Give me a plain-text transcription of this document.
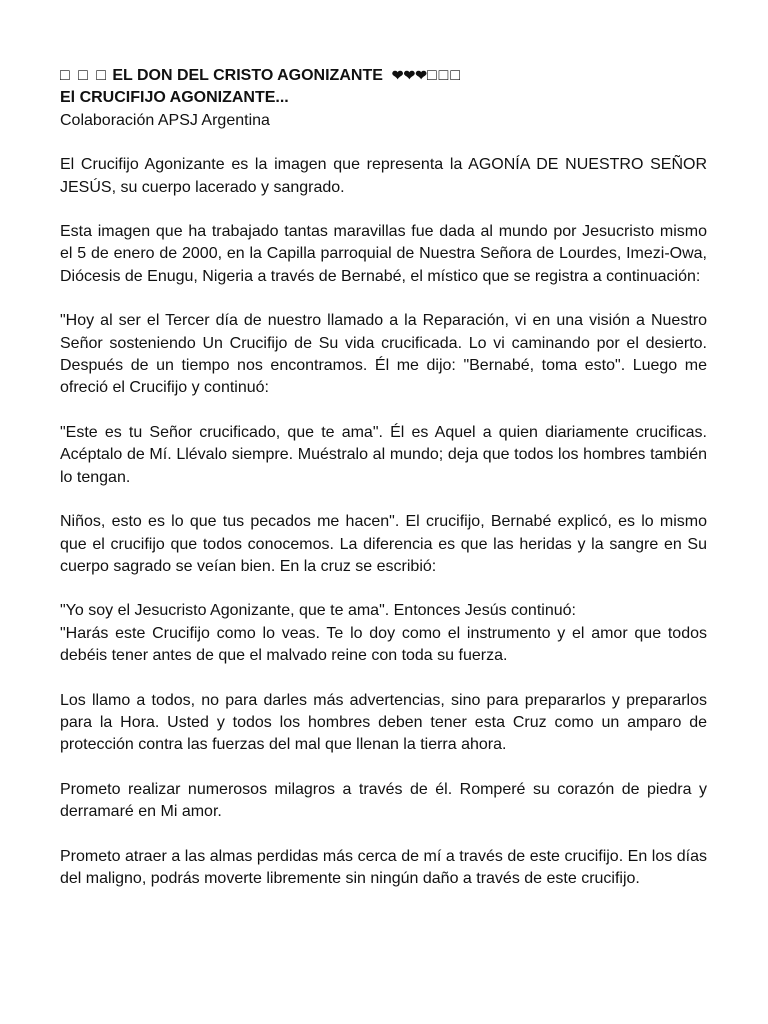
□ □ □ EL DON DEL CRISTO AGONIZANTE ❤❤❤□□□

El CRUCIFIJO AGONIZANTE...

Colaboración APSJ Argentina

El Crucifijo Agonizante es la imagen que representa la AGONÍA DE NUESTRO SEÑOR JESÚS, su cuerpo lacerado y sangrado.

Esta imagen que ha trabajado tantas maravillas fue dada al mundo por Jesucristo mismo el 5 de enero de 2000, en la Capilla parroquial de Nuestra Señora de Lourdes, Imezi-Owa, Diócesis de Enugu, Nigeria a través de Bernabé, el místico que se registra a continuación:

"Hoy al ser el Tercer día de nuestro llamado a la Reparación, vi en una visión a Nuestro Señor sosteniendo Un Crucifijo de Su vida crucificada. Lo vi caminando por el desierto. Después de un tiempo nos encontramos. Él me dijo: "Bernabé, toma esto". Luego me ofreció el Crucifijo y continuó:

"Este es tu Señor crucificado, que te ama". Él es Aquel a quien diariamente crucificas. Acéptalo de Mí. Llévalo siempre. Muéstralo al mundo; deja que todos los hombres también lo tengan.

Niños, esto es lo que tus pecados me hacen". El crucifijo, Bernabé explicó, es lo mismo que el crucifijo que todos conocemos. La diferencia es que las heridas y la sangre en Su cuerpo sagrado se veían bien. En la cruz se escribió:

"Yo soy el Jesucristo Agonizante, que te ama". Entonces Jesús continuó:

"Harás este Crucifijo como lo veas. Te lo doy como el instrumento y el amor que todos debéis tener antes de que el malvado reine con toda su fuerza.

Los llamo a todos, no para darles más advertencias, sino para prepararlos y prepararlos para la Hora. Usted y todos los hombres deben tener esta Cruz como un amparo de protección contra las fuerzas del mal que llenan la tierra ahora.

Prometo realizar numerosos milagros a través de él. Romperé su corazón de piedra y derramaré en Mi amor.

Prometo atraer a las almas perdidas más cerca de mí a través de este crucifijo. En los días del maligno, podrás moverte libremente sin ningún daño a través de este crucifijo.
